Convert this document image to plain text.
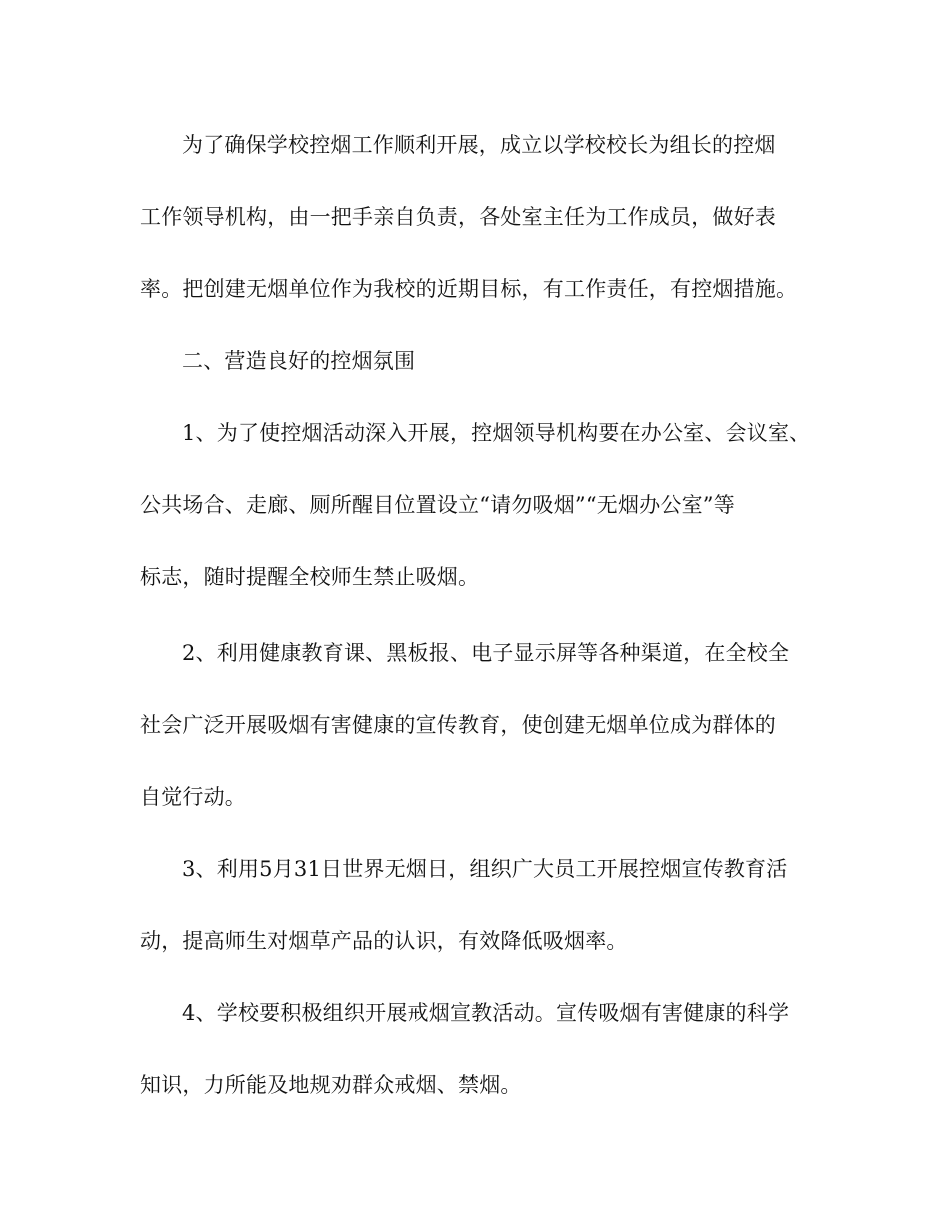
为了确保学校控烟工作顺利开展，成立以学校校长为组长的控烟
工作领导机构，由一把手亲自负责，各处室主任为工作成员，做好表
率。把创建无烟单位作为我校的近期目标，有工作责任，有控烟措施。
二、营造良好的控烟氛围
1、为了使控烟活动深入开展，控烟领导机构要在办公室、会议室、
公共场合、走廊、厕所醒目位置设立“请勿吸烟”“无烟办公室”等
标志，随时提醒全校师生禁止吸烟。
2、利用健康教育课、黑板报、电子显示屏等各种渠道，在全校全
社会广泛开展吸烟有害健康的宣传教育，使创建无烟单位成为群体的
自觉行动。
3、利用5月31日世界无烟日，组织广大员工开展控烟宣传教育活
动，提高师生对烟草产品的认识，有效降低吸烟率。
4、学校要积极组织开展戒烟宣教活动。宣传吸烟有害健康的科学
知识，力所能及地规劝群众戒烟、禁烟。
